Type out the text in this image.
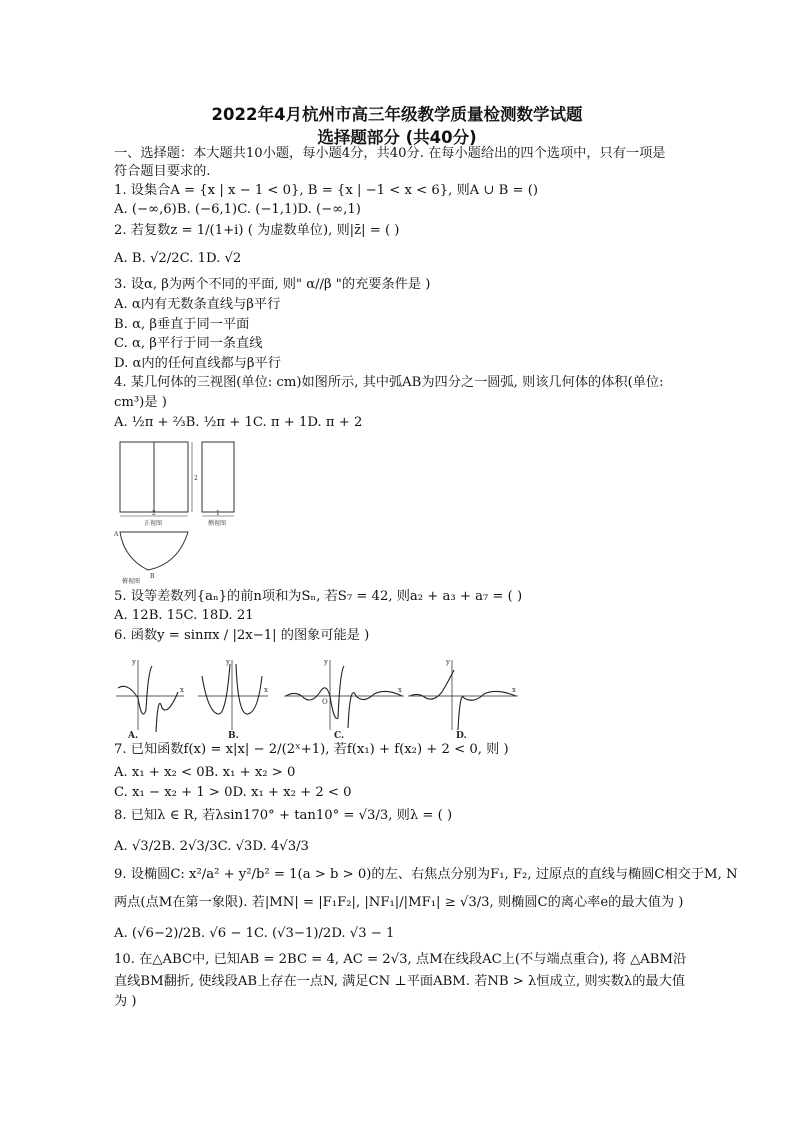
2022年4月杭州市高三年级教学质量检测数学试题
选择题部分 (共40分)
一、选择题：本大题共10小题，每小题4分，共40分. 在每小题给出的四个选项中，只有一项是
符合题目要求的.
1. 设集合A = {x | x − 1 < 0}, B = {x | −1 < x < 6}, 则A ∪ B = ()
A. (−∞,6)B. (−6,1)C. (−1,1)D. (−∞,1)
2. 若复数z = 1/(1+i) ( 为虚数单位), 则|z̄| = ( )
A. B. √2/2C. 1D. √2
3. 设α, β为两个不同的平面, 则" α//β "的充要条件是 )
A. α内有无数条直线与β平行
B. α, β垂直于同一平面
C. α, β平行于同一条直线
D. α内的任何直线都与β平行
4. 某几何体的三视图(单位: cm)如图所示, 其中弧AB为四分之一圆弧, 则该几何体的体积(单位:
cm³)是 )
A. ½π + ⅔B. ½π + 1C. π + 1D. π + 2
2
2
1
正视图	侧视图
A
B
俯视图
5. 设等差数列{aₙ}的前n项和为Sₙ, 若S₇ = 42, 则a₂ + a₃ + a₇ = ( )
A. 12B. 15C. 18D. 21
6. 函数y = sinπx / |2x−1| 的图象可能是 )
y	y	y	y
x	x	x	x
O
A.	B.	C.	D.
7. 已知函数f(x) = x|x| − 2/(2ˣ+1), 若f(x₁) + f(x₂) + 2 < 0, 则 )
A. x₁ + x₂ < 0B. x₁ + x₂ > 0
C. x₁ − x₂ + 1 > 0D. x₁ + x₂ + 2 < 0
8. 已知λ ∈ R, 若λsin170° + tan10° = √3/3, 则λ = ( )
A. √3/2B. 2√3/3C. √3D. 4√3/3
9. 设椭圆C: x²/a² + y²/b² = 1(a > b > 0)的左、右焦点分别为F₁, F₂, 过原点的直线与椭圆C相交于M, N
两点(点M在第一象限). 若|MN| = |F₁F₂|, |NF₁|/|MF₁| ≥ √3/3, 则椭圆C的离心率e的最大值为 )
A. (√6−2)/2B. √6 − 1C. (√3−1)/2D. √3 − 1
10. 在△ABC中, 已知AB = 2BC = 4, AC = 2√3, 点M在线段AC上(不与端点重合), 将 △ABM沿
直线BM翻折, 使线段AB上存在一点N, 满足CN ⊥平面ABM. 若NB > λ恒成立, 则实数λ的最大值
为 )
